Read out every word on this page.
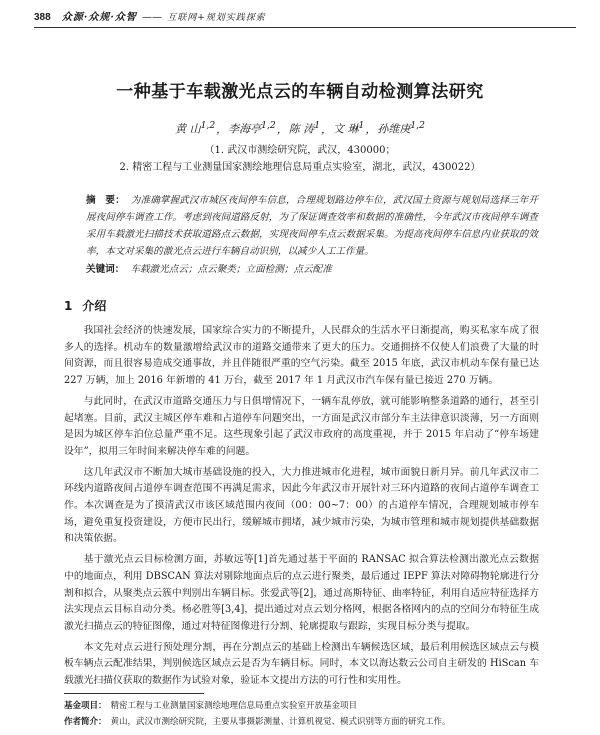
388 众源·众规·众智 —— 互联网+规划实践探索
一种基于车载激光点云的车辆自动检测算法研究
黄 山$^{1,2}$，李海亭$^{1,2}$，陈 涛$^1$，文 琳$^1$，孙维庚$^{1,2}$
（1. 武汉市测绘研究院，武汉，430000；
2. 精密工程与工业测量国家测绘地理信息局重点实验室，湖北，武汉，430022）
摘　要： 为准确掌握武汉市城区夜间停车信息，合理规划路边停车位，武汉国土资源与规划局选择三年开展夜间停车调查工作。考虑到夜间道路反射，为了保证调查效率和数据的准确性，今年武汉市夜间停车调查采用车载激光扫描技术获取道路点云数据，实现夜间停车点云数据采集。为提高夜间停车信息内业获取的效率，本文对采集的激光点云进行车辆自动识别，以减少人工工作量。
关键词： 车载激光点云；点云聚类；立面检测；点云配准
1 介绍

我国社会经济的快速发展，国家综合实力的不断提升，人民群众的生活水平日渐提高，购买私家车成了很多人的选择。机动车的数量激增给武汉市的道路交通带来了更大的压力。交通拥挤不仅使人们浪费了大量的时间资源，而且很容易造成交通事故，并且伴随很严重的空气污染。截至 2015 年底，武汉市机动车保有量已达 227 万辆，加上 2016 年新增的 41 万台，截至 2017 年 1 月武汉市汽车保有量已接近 270 万辆。

与此同时，在武汉市道路交通压力与日俱增情况下，一辆车乱停放，就可能影响整条道路的通行，甚至引起堵塞。目前，武汉主城区停车难和占道停车问题突出，一方面是武汉市部分车主法律意识淡薄，另一方面则是因为城区停车泊位总量严重不足。这些现象引起了武汉市政府的高度重视，并于 2015 年启动了“停车场建设年”，拟用三年时间来解决停车难的问题。

这几年武汉市不断加大城市基础设施的投入，大力推进城市化进程，城市面貌日新月异。前几年武汉市二环线内道路夜间占道停车调查范围不再满足需求，因此今年武汉市开展针对三环内道路的夜间占道停车调查工作。本次调查是为了摸清武汉市该区域范围内夜间（00：00~7：00）的占道停车情况，合理规划城市停车场，避免重复投资建设，方便市民出行，缓解城市拥堵，减少城市污染，为城市管理和城市规划提供基础数据和决策依据。

基于激光点云目标检测方面，苏敏远等[1]首先通过基于平面的 RANSAC 拟合算法检测出激光点云数据中的地面点，利用 DBSCAN 算法对剔除地面点后的点云进行聚类，最后通过 IEPF 算法对障碍物轮廓进行分割和拟合，从聚类点云簇中判别出车辆目标。张爱武等[2]，通过高斯特征、曲率特征，利用自适应特征选择方法实现点云目标自动分类。杨必胜等[3,4]，提出通过对点云划分格网，根据各格网内的点的空间分布特征生成激光扫描点云的特征图像，通过对特征图像进行分割、轮廓提取与跟踪，实现目标分类与提取。

本文先对点云进行预处理分割，再在分割点云的基础上检测出车辆候选区域，最后利用候选区域点云与模板车辆点云配准结果，判别候选区域点云是否为车辆目标。同时，本文以海达数云公司自主研发的 HiScan 车载激光扫描仪获取的数据作为试验对象，验证本文提出方法的可行性和实用性。

基金项目： 精密工程与工业测量国家测绘地理信息局重点实验室开放基金项目
作者简介： 黄山，武汉市测绘研究院，主要从事摄影测量、计算机视觉、模式识别等方面的研究工作。
